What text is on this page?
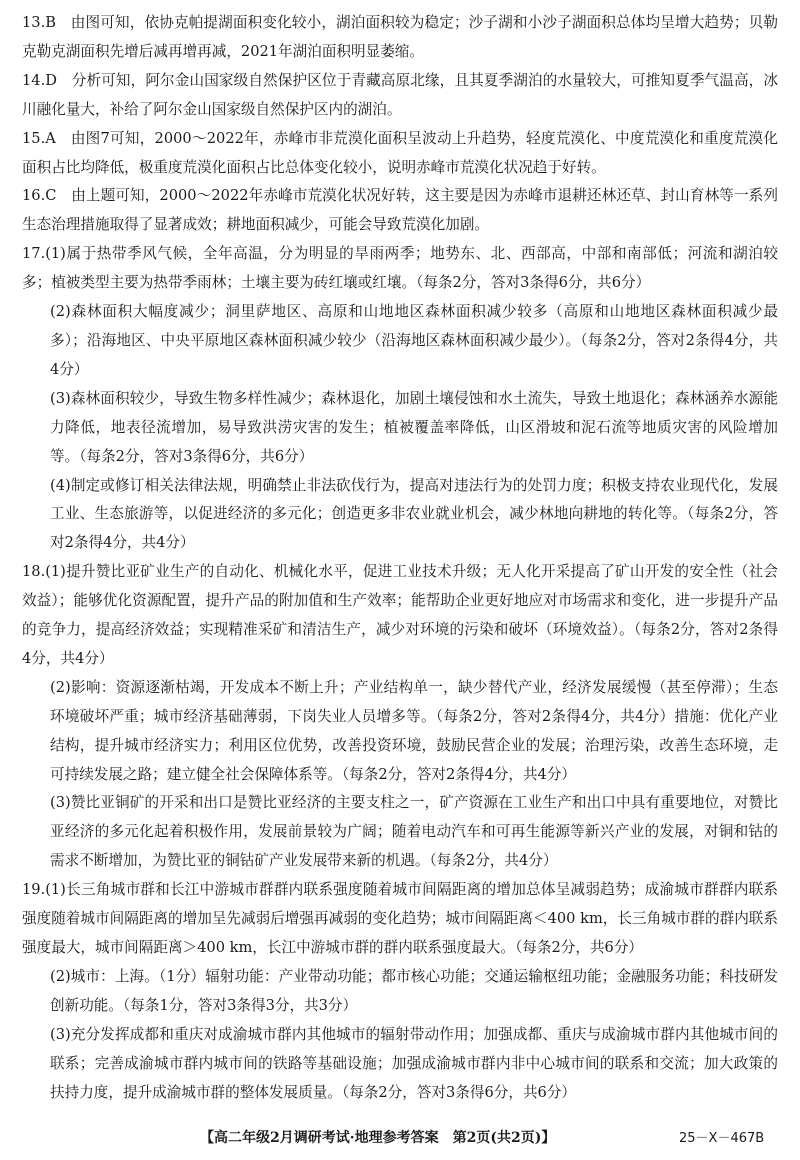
13.B　由图可知，依协克帕提湖面积变化较小，湖泊面积较为稳定；沙子湖和小沙子湖面积总体均呈增大趋势；贝勒克勒克湖面积先增后减再增再减，2021年湖泊面积明显萎缩。

14.D　分析可知，阿尔金山国家级自然保护区位于青藏高原北缘，且其夏季湖泊的水量较大，可推知夏季气温高，冰川融化量大，补给了阿尔金山国家级自然保护区内的湖泊。

15.A　由图7可知，2000～2022年，赤峰市非荒漠化面积呈波动上升趋势，轻度荒漠化、中度荒漠化和重度荒漠化面积占比均降低，极重度荒漠化面积占比总体变化较小，说明赤峰市荒漠化状况趋于好转。

16.C　由上题可知，2000～2022年赤峰市荒漠化状况好转，这主要是因为赤峰市退耕还林还草、封山育林等一系列生态治理措施取得了显著成效；耕地面积减少，可能会导致荒漠化加剧。

17.(1)属于热带季风气候，全年高温，分为明显的旱雨两季；地势东、北、西部高，中部和南部低；河流和湖泊较多；植被类型主要为热带季雨林；土壤主要为砖红壤或红壤。（每条2分，答对3条得6分，共6分）

(2)森林面积大幅度减少；洞里萨地区、高原和山地地区森林面积减少较多（高原和山地地区森林面积减少最多）；沿海地区、中央平原地区森林面积减少较少（沿海地区森林面积减少最少）。（每条2分，答对2条得4分，共4分）

(3)森林面积较少，导致生物多样性减少；森林退化，加剧土壤侵蚀和水土流失，导致土地退化；森林涵养水源能力降低，地表径流增加，易导致洪涝灾害的发生；植被覆盖率降低，山区滑坡和泥石流等地质灾害的风险增加等。（每条2分，答对3条得6分，共6分）

(4)制定或修订相关法律法规，明确禁止非法砍伐行为，提高对违法行为的处罚力度；积极支持农业现代化，发展工业、生态旅游等，以促进经济的多元化；创造更多非农业就业机会，减少林地向耕地的转化等。（每条2分，答对2条得4分，共4分）

18.(1)提升赞比亚矿业生产的自动化、机械化水平，促进工业技术升级；无人化开采提高了矿山开发的安全性（社会效益）；能够优化资源配置，提升产品的附加值和生产效率；能帮助企业更好地应对市场需求和变化，进一步提升产品的竞争力，提高经济效益；实现精准采矿和清洁生产，减少对环境的污染和破坏（环境效益）。（每条2分，答对2条得4分，共4分）

(2)影响：资源逐渐枯竭，开发成本不断上升；产业结构单一，缺少替代产业，经济发展缓慢（甚至停滞）；生态环境破坏严重；城市经济基础薄弱，下岗失业人员增多等。（每条2分，答对2条得4分，共4分）措施：优化产业结构，提升城市经济实力；利用区位优势，改善投资环境，鼓励民营企业的发展；治理污染，改善生态环境，走可持续发展之路；建立健全社会保障体系等。（每条2分，答对2条得4分，共4分）

(3)赞比亚铜矿的开采和出口是赞比亚经济的主要支柱之一，矿产资源在工业生产和出口中具有重要地位，对赞比亚经济的多元化起着积极作用，发展前景较为广阔；随着电动汽车和可再生能源等新兴产业的发展，对铜和钴的需求不断增加，为赞比亚的铜钴矿产业发展带来新的机遇。（每条2分，共4分）

19.(1)长三角城市群和长江中游城市群群内联系强度随着城市间隔距离的增加总体呈减弱趋势；成渝城市群群内联系强度随着城市间隔距离的增加呈先减弱后增强再减弱的变化趋势；城市间隔距离＜400 km，长三角城市群的群内联系强度最大，城市间隔距离＞400 km，长江中游城市群的群内联系强度最大。（每条2分，共6分）

(2)城市：上海。（1分）辐射功能：产业带动功能；都市核心功能；交通运输枢纽功能；金融服务功能；科技研发创新功能。（每条1分，答对3条得3分，共3分）

(3)充分发挥成都和重庆对成渝城市群内其他城市的辐射带动作用；加强成都、重庆与成渝城市群内其他城市间的联系；完善成渝城市群内城市间的铁路等基础设施；加强成渝城市群内非中心城市间的联系和交流；加大政策的扶持力度，提升成渝城市群的整体发展质量。（每条2分，答对3条得6分，共6分）

【高二年级2月调研考试·地理参考答案　第2页(共2页)】	25－X－467B
